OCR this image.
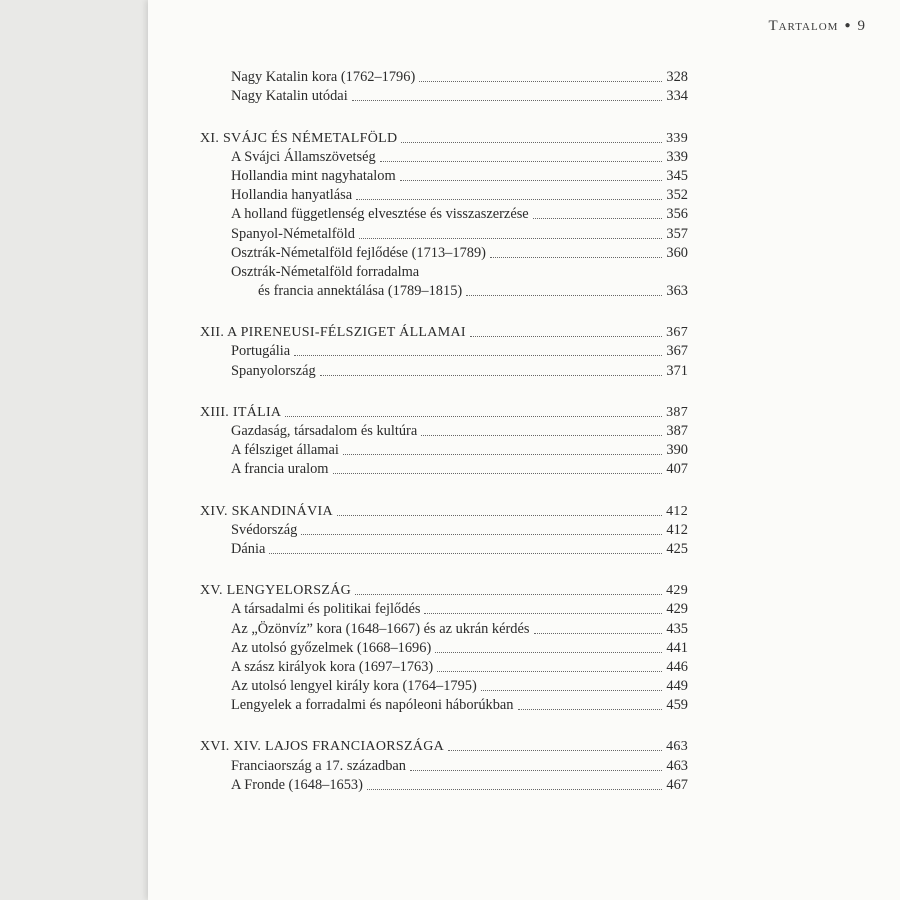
Tartalom ● 9
Nagy Katalin kora (1762–1796)	328
Nagy Katalin utódai	334
XI. SVÁJC ÉS NÉMETALFÖLD	339
A Svájci Államszövetség	339
Hollandia mint nagyhatalom	345
Hollandia hanyatlása	352
A holland függetlenség elvesztése és visszaszerzése	356
Spanyol-Németalföld	357
Osztrák-Németalföld fejlődése (1713–1789)	360
Osztrák-Németalföld forradalma
és francia annektálása (1789–1815)	363
XII. A PIRENEUSI-FÉLSZIGET ÁLLAMAI	367
Portugália	367
Spanyolország	371
XIII. ITÁLIA	387
Gazdaság, társadalom és kultúra	387
A félsziget államai	390
A francia uralom	407
XIV. SKANDINÁVIA	412
Svédország	412
Dánia	425
XV. LENGYELORSZÁG	429
A társadalmi és politikai fejlődés	429
Az „Özönvíz” kora (1648–1667) és az ukrán kérdés	435
Az utolsó győzelmek (1668–1696)	441
A szász királyok kora (1697–1763)	446
Az utolsó lengyel király kora (1764–1795)	449
Lengyelek a forradalmi és napóleoni háborúkban	459
XVI. XIV. LAJOS FRANCIAORSZÁGA	463
Franciaország a 17. században	463
A Fronde (1648–1653)	467
